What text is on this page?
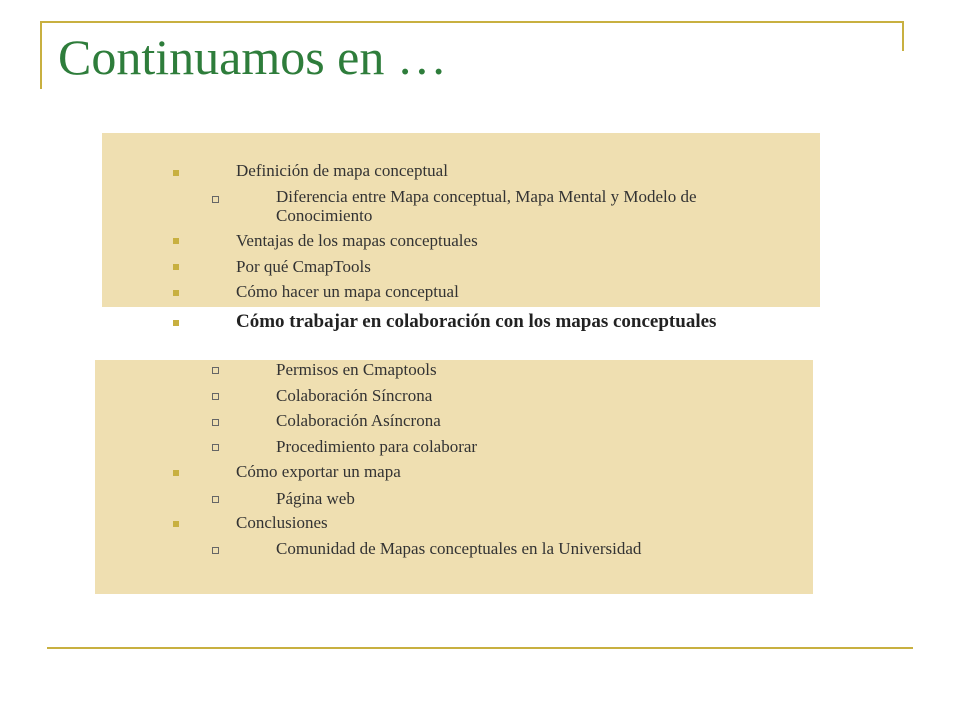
Continuamos en …
Definición de mapa conceptual
Diferencia entre Mapa conceptual, Mapa Mental y Modelo de Conocimiento
Ventajas de los mapas conceptuales
Por qué CmapTools
Cómo hacer un mapa conceptual
Cómo trabajar en colaboración con los mapas conceptuales
Permisos en Cmaptools
Colaboración Síncrona
Colaboración Asíncrona
Procedimiento para colaborar
Cómo exportar un mapa
Página web
Conclusiones
Comunidad de Mapas conceptuales en la Universidad
